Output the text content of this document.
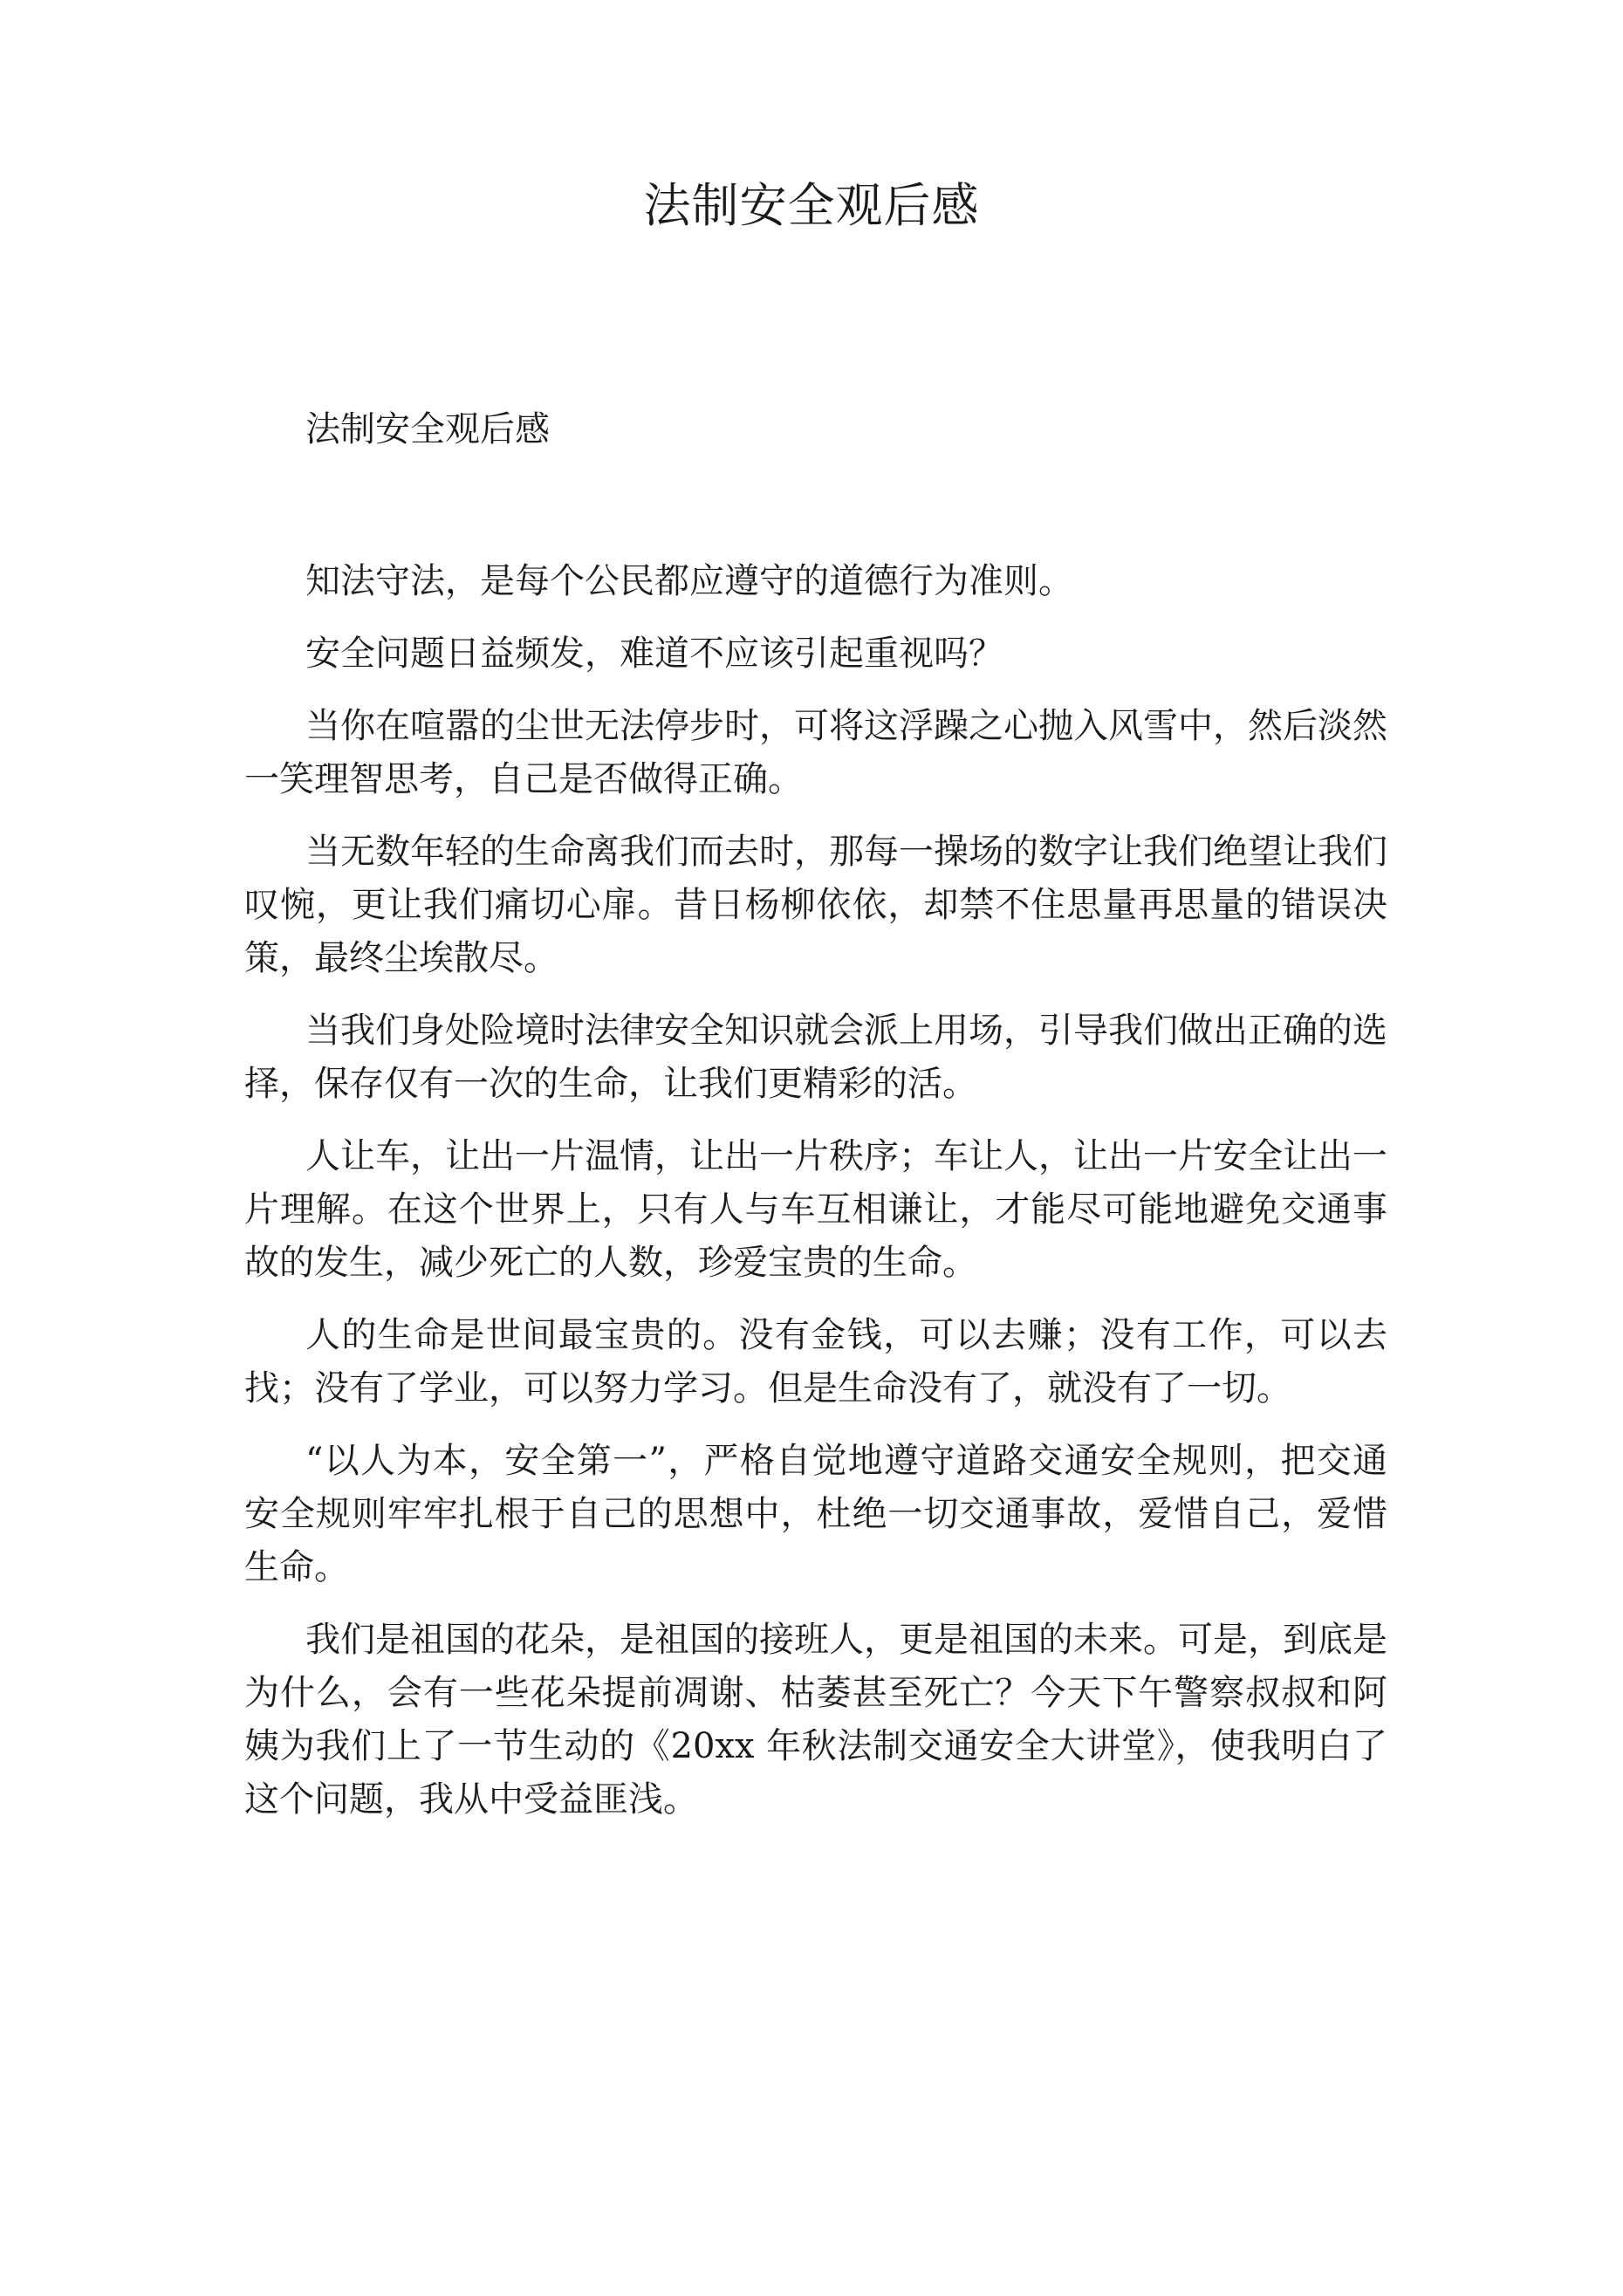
法制安全观后感
法制安全观后感

知法守法，是每个公民都应遵守的道德行为准则。

安全问题日益频发，难道不应该引起重视吗？

当你在喧嚣的尘世无法停步时，可将这浮躁之心抛入风雪中，然后淡然一笑理智思考，自己是否做得正确。

当无数年轻的生命离我们而去时，那每一操场的数字让我们绝望让我们叹惋，更让我们痛切心扉。昔日杨柳依依，却禁不住思量再思量的错误决策，最终尘埃散尽。

当我们身处险境时法律安全知识就会派上用场，引导我们做出正确的选择，保存仅有一次的生命，让我们更精彩的活。

人让车，让出一片温情，让出一片秩序；车让人，让出一片安全让出一片理解。在这个世界上，只有人与车互相谦让，才能尽可能地避免交通事故的发生，减少死亡的人数，珍爱宝贵的生命。

人的生命是世间最宝贵的。没有金钱，可以去赚；没有工作，可以去找；没有了学业，可以努力学习。但是生命没有了，就没有了一切。

“以人为本，安全第一”，严格自觉地遵守道路交通安全规则，把交通安全规则牢牢扎根于自己的思想中，杜绝一切交通事故，爱惜自己，爱惜生命。

我们是祖国的花朵，是祖国的接班人，更是祖国的未来。可是，到底是为什么，会有一些花朵提前凋谢、枯萎甚至死亡？今天下午警察叔叔和阿姨为我们上了一节生动的《20xx 年秋法制交通安全大讲堂》，使我明白了这个问题，我从中受益匪浅。
